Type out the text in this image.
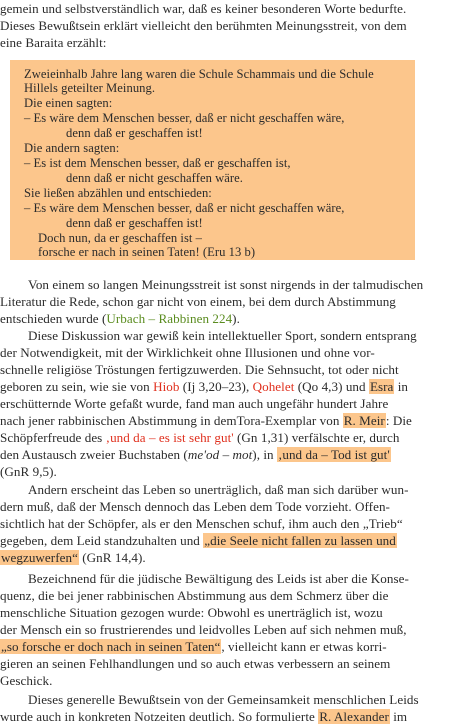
gemein und selbstverständlich war, daß es keiner besonderen Worte bedurfte.
Dieses Bewußtsein erklärt vielleicht den berühmten Meinungsstreit, von dem
eine Baraita erzählt:
Zweieinhalb Jahre lang waren die Schule Schammais und die Schule
Hillels geteilter Meinung.
Die einen sagten:
– Es wäre dem Menschen besser, daß er nicht geschaffen wäre,
denn daß er geschaffen ist!
Die andern sagten:
– Es ist dem Menschen besser, daß er geschaffen ist,
denn daß er nicht geschaffen wäre.
Sie ließen abzählen und entschieden:
– Es wäre dem Menschen besser, daß er nicht geschaffen wäre,
denn daß er geschaffen ist!
Doch nun, da er geschaffen ist –
forsche er nach in seinen Taten! (Eru 13 b)
Von einem so langen Meinungsstreit ist sonst nirgends in der talmudischen
Literatur die Rede, schon gar nicht von einem, bei dem durch Abstimmung
entschieden wurde (Urbach – Rabbinen 224).
Diese Diskussion war gewiß kein intellektueller Sport, sondern entsprang
der Notwendigkeit, mit der Wirklichkeit ohne Illusionen und ohne vor-
schnelle religiöse Tröstungen fertigzuwerden. Die Sehnsucht, tot oder nicht
geboren zu sein, wie sie von Hiob (Ij 3,20–23), Qohelet (Qo 4,3) und Esra in
erschütternde Worte gefaßt wurde, fand man auch ungefähr hundert Jahre
nach jener rabbinischen Abstimmung in demTora-Exemplar von R. Meir: Die
Schöpferfreude des ‚und da – es ist sehr gut' (Gn 1,31) verfälschte er, durch
den Austausch zweier Buchstaben (me'od – mot), in ‚und da – Tod ist gut'
(GnR 9,5).
Andern erscheint das Leben so unerträglich, daß man sich darüber wun-
dern muß, daß der Mensch dennoch das Leben dem Tode vorzieht. Offen-
sichtlich hat der Schöpfer, als er den Menschen schuf, ihm auch den „Trieb“
gegeben, dem Leid standzuhalten und „die Seele nicht fallen zu lassen und
wegzuwerfen“ (GnR 14,4).
Bezeichnend für die jüdische Bewältigung des Leids ist aber die Konse-
quenz, die bei jener rabbinischen Abstimmung aus dem Schmerz über die
menschliche Situation gezogen wurde: Obwohl es unerträglich ist, wozu
der Mensch ein so frustrierendes und leidvolles Leben auf sich nehmen muß,
„so forsche er doch nach in seinen Taten“, vielleicht kann er etwas korri-
gieren an seinen Fehlhandlungen und so auch etwas verbessern an seinem
Geschick.
Dieses generelle Bewußtsein von der Gemeinsamkeit menschlichen Leids
wurde auch in konkreten Notzeiten deutlich. So formulierte R. Alexander im
